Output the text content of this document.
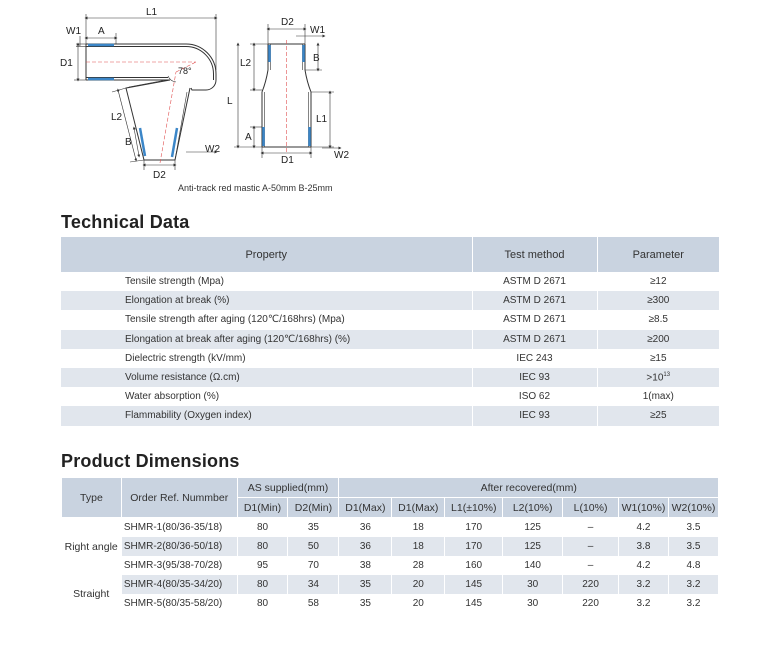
W1
L1
A
D1
78°
L2
B
D2
W2
D2
W1
L2	B
L
L1
A
D1	W2
Anti-track red mastic A-50mm B-25mm
Technical Data
Property	Test method	Parameter
Tensile strength (Mpa)	ASTM D 2671	≥12
Elongation at break (%)	ASTM D 2671	≥300
Tensile strength after aging (120℃/168hrs) (Mpa)	ASTM D 2671	≥8.5
Elongation at break after aging (120℃/168hrs) (%)	ASTM D 2671	≥200
Dielectric strength (kV/mm)	IEC 243	≥15
Volume resistance (Ω.cm)	IEC 93	$>10^{13}$
Water absorption (%)	ISO 62	1(max)
Flammability (Oxygen index)	IEC 93	≥25
Product Dimensions
Type	Order Ref. Nummber	AS supplied(mm)		After recovered(mm)						
		D1(Min)	D2(Min)	D1(Max)	D1(Max)	L1(±10%)	L2(10%)	L(10%)	W1(10%)	W2(10%)
Right angle	SHMR-1(80/36-35/18)	80	35	36	18	170	125	–	4.2	3.5
	SHMR-2(80/36-50/18)	80	50	36	18	170	125	–	3.8	3.5
	SHMR-3(95/38-70/28)	95	70	38	28	160	140	–	4.2	4.8
Straight	SHMR-4(80/35-34/20)	80	34	35	20	145	30	220	3.2	3.2
	SHMR-5(80/35-58/20)	80	58	35	20	145	30	220	3.2	3.2
